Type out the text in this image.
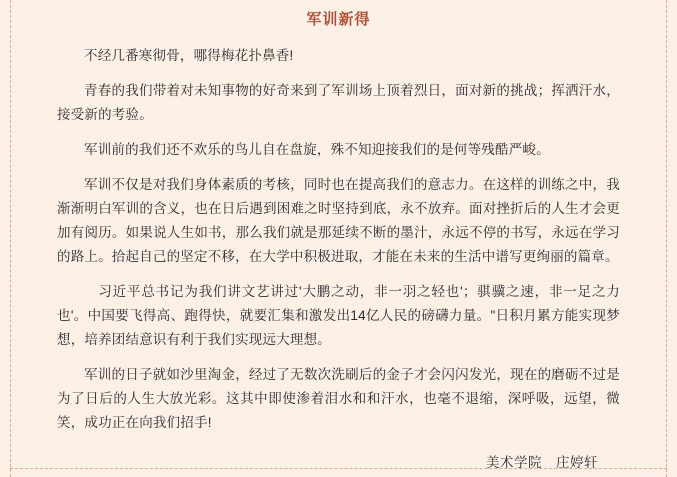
军训新得

不经几番寒彻骨，哪得梅花扑鼻香!

青春的我们带着对未知事物的好奇来到了军训场上顶着烈日，面对新的挑战；挥洒汗水，接受新的考验。

军训前的我们还不欢乐的鸟儿自在盘旋，殊不知迎接我们的是何等残酷严峻。

军训不仅是对我们身体素质的考核，同时也在提高我们的意志力。在这样的训练之中，我渐渐明白军训的含义，也在日后遇到困难之时坚持到底，永不放弃。面对挫折后的人生才会更加有阅历。如果说人生如书，那么我们就是那延续不断的墨汁，永远不停的书写，永远在学习的路上。拾起自己的坚定不移，在大学中积极进取，才能在未来的生活中谱写更绚丽的篇章。

　习近平总书记为我们讲文艺讲过'大鹏之动，非一羽之轻也'；骐骥之速，非一足之力也'。中国要飞得高、跑得快，就要汇集和激发出14亿人民的磅礴力量。"日积月累方能实现梦想，培养团结意识有利于我们实现远大理想。

军训的日子就如沙里淘金，经过了无数次洗刷后的金子才会闪闪发光，现在的磨砺不过是为了日后的人生大放光彩。这其中即使渗着泪水和和汗水，也毫不退缩，深呼吸，远望，微笑，成功正在向我们招手!

美术学院　庄婷轩
